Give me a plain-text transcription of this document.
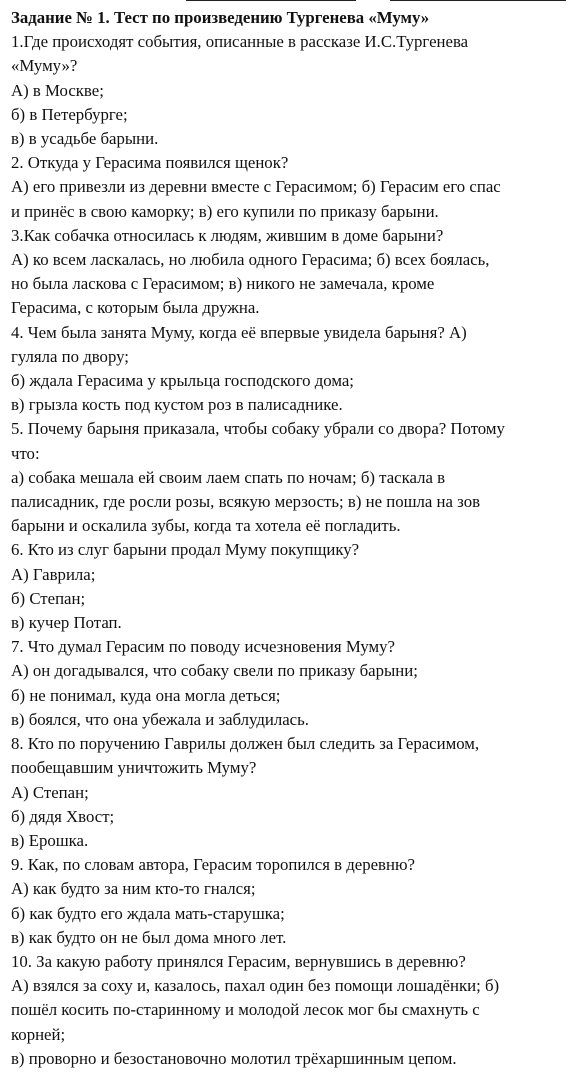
Задание № 1. Тест по произведению Тургенева «Муму»

1.Где происходят события, описанные в рассказе И.С.Тургенева

«Муму»?

А) в Москве;

б) в Петербурге;

в) в усадьбе барыни.

2. Откуда у Герасима появился щенок?

А) его привезли из деревни вместе с Герасимом; б) Герасим его спас

и принёс в свою каморку; в) его купили по приказу барыни.

3.Как собачка относилась к людям, жившим в доме барыни?

А) ко всем ласкалась, но любила одного Герасима; б) всех боялась,

но была ласкова с Герасимом; в) никого не замечала, кроме

Герасима, с которым была дружна.

4. Чем была занята Муму, когда её впервые увидела барыня? А)

гуляла по двору;

б) ждала Герасима у крыльца господского дома;

в) грызла кость под кустом роз в палисаднике.

5. Почему барыня приказала, чтобы собаку убрали со двора? Потому

что:

а) собака мешала ей своим лаем спать по ночам; б) таскала в

палисадник, где росли розы, всякую мерзость; в) не пошла на зов

барыни и оскалила зубы, когда та хотела её погладить.

6. Кто из слуг барыни продал Муму покупщику?

А) Гаврила;

б) Степан;

в) кучер Потап.

7. Что думал Герасим по поводу исчезновения Муму?

А) он догадывался, что собаку свели по приказу барыни;

б) не понимал, куда она могла деться;

в) боялся, что она убежала и заблудилась.

8. Кто по поручению Гаврилы должен был следить за Герасимом,

пообещавшим уничтожить Муму?

А) Степан;

б) дядя Хвост;

в) Ерошка.

9. Как, по словам автора, Герасим торопился в деревню?

А) как будто за ним кто-то гнался;

б) как будто его ждала мать-старушка;

в) как будто он не был дома много лет.

10. За какую работу принялся Герасим, вернувшись в деревню?

А) взялся за соху и, казалось, пахал один без помощи лошадёнки; б)

пошёл косить по-старинному и молодой лесок мог бы смахнуть с

корней;

в) проворно и безостановочно молотил трёхаршинным цепом.
